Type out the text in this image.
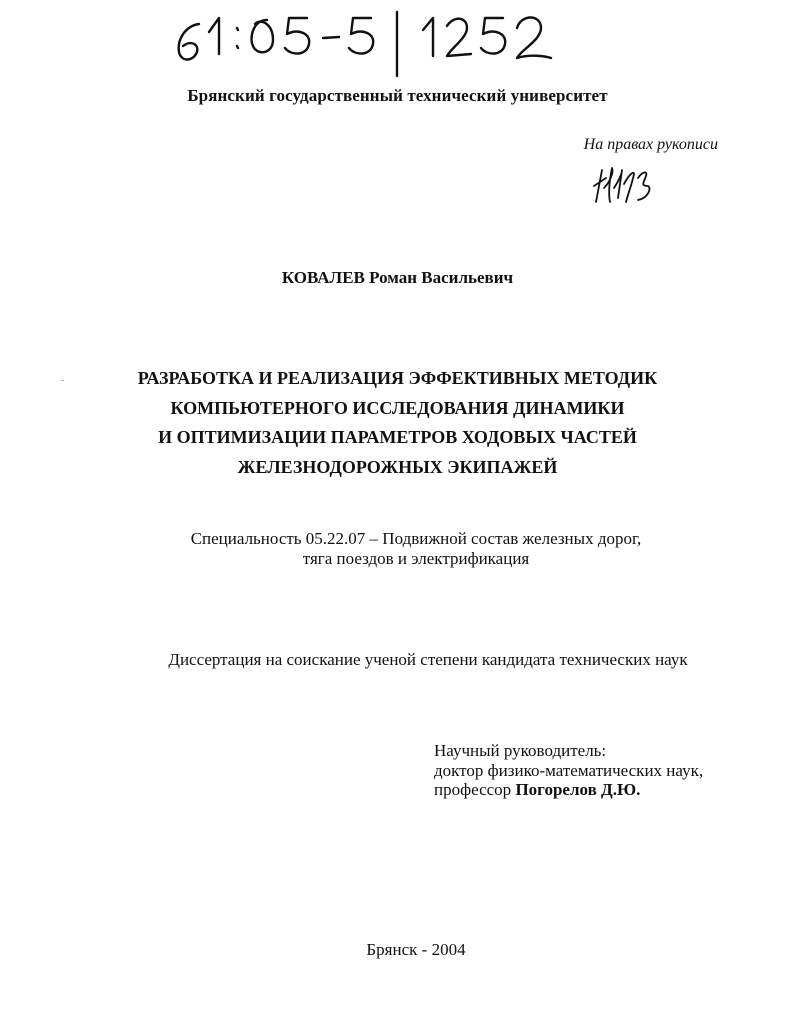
Брянский государственный технический университет
На правах рукописи
КОВАЛЕВ Роман Васильевич
РАЗРАБОТКА И РЕАЛИЗАЦИЯ ЭФФЕКТИВНЫХ МЕТОДИК
КОМПЬЮТЕРНОГО ИССЛЕДОВАНИЯ ДИНАМИКИ
И ОПТИМИЗАЦИИ ПАРАМЕТРОВ ХОДОВЫХ ЧАСТЕЙ
ЖЕЛЕЗНОДОРОЖНЫХ ЭКИПАЖЕЙ
Специальность 05.22.07 – Подвижной состав железных дорог,
тяга поездов и электрификация
Диссертация на соискание ученой степени кандидата технических наук
Научный руководитель:
доктор физико-математических наук,
профессор Погорелов Д.Ю.
Брянск - 2004
